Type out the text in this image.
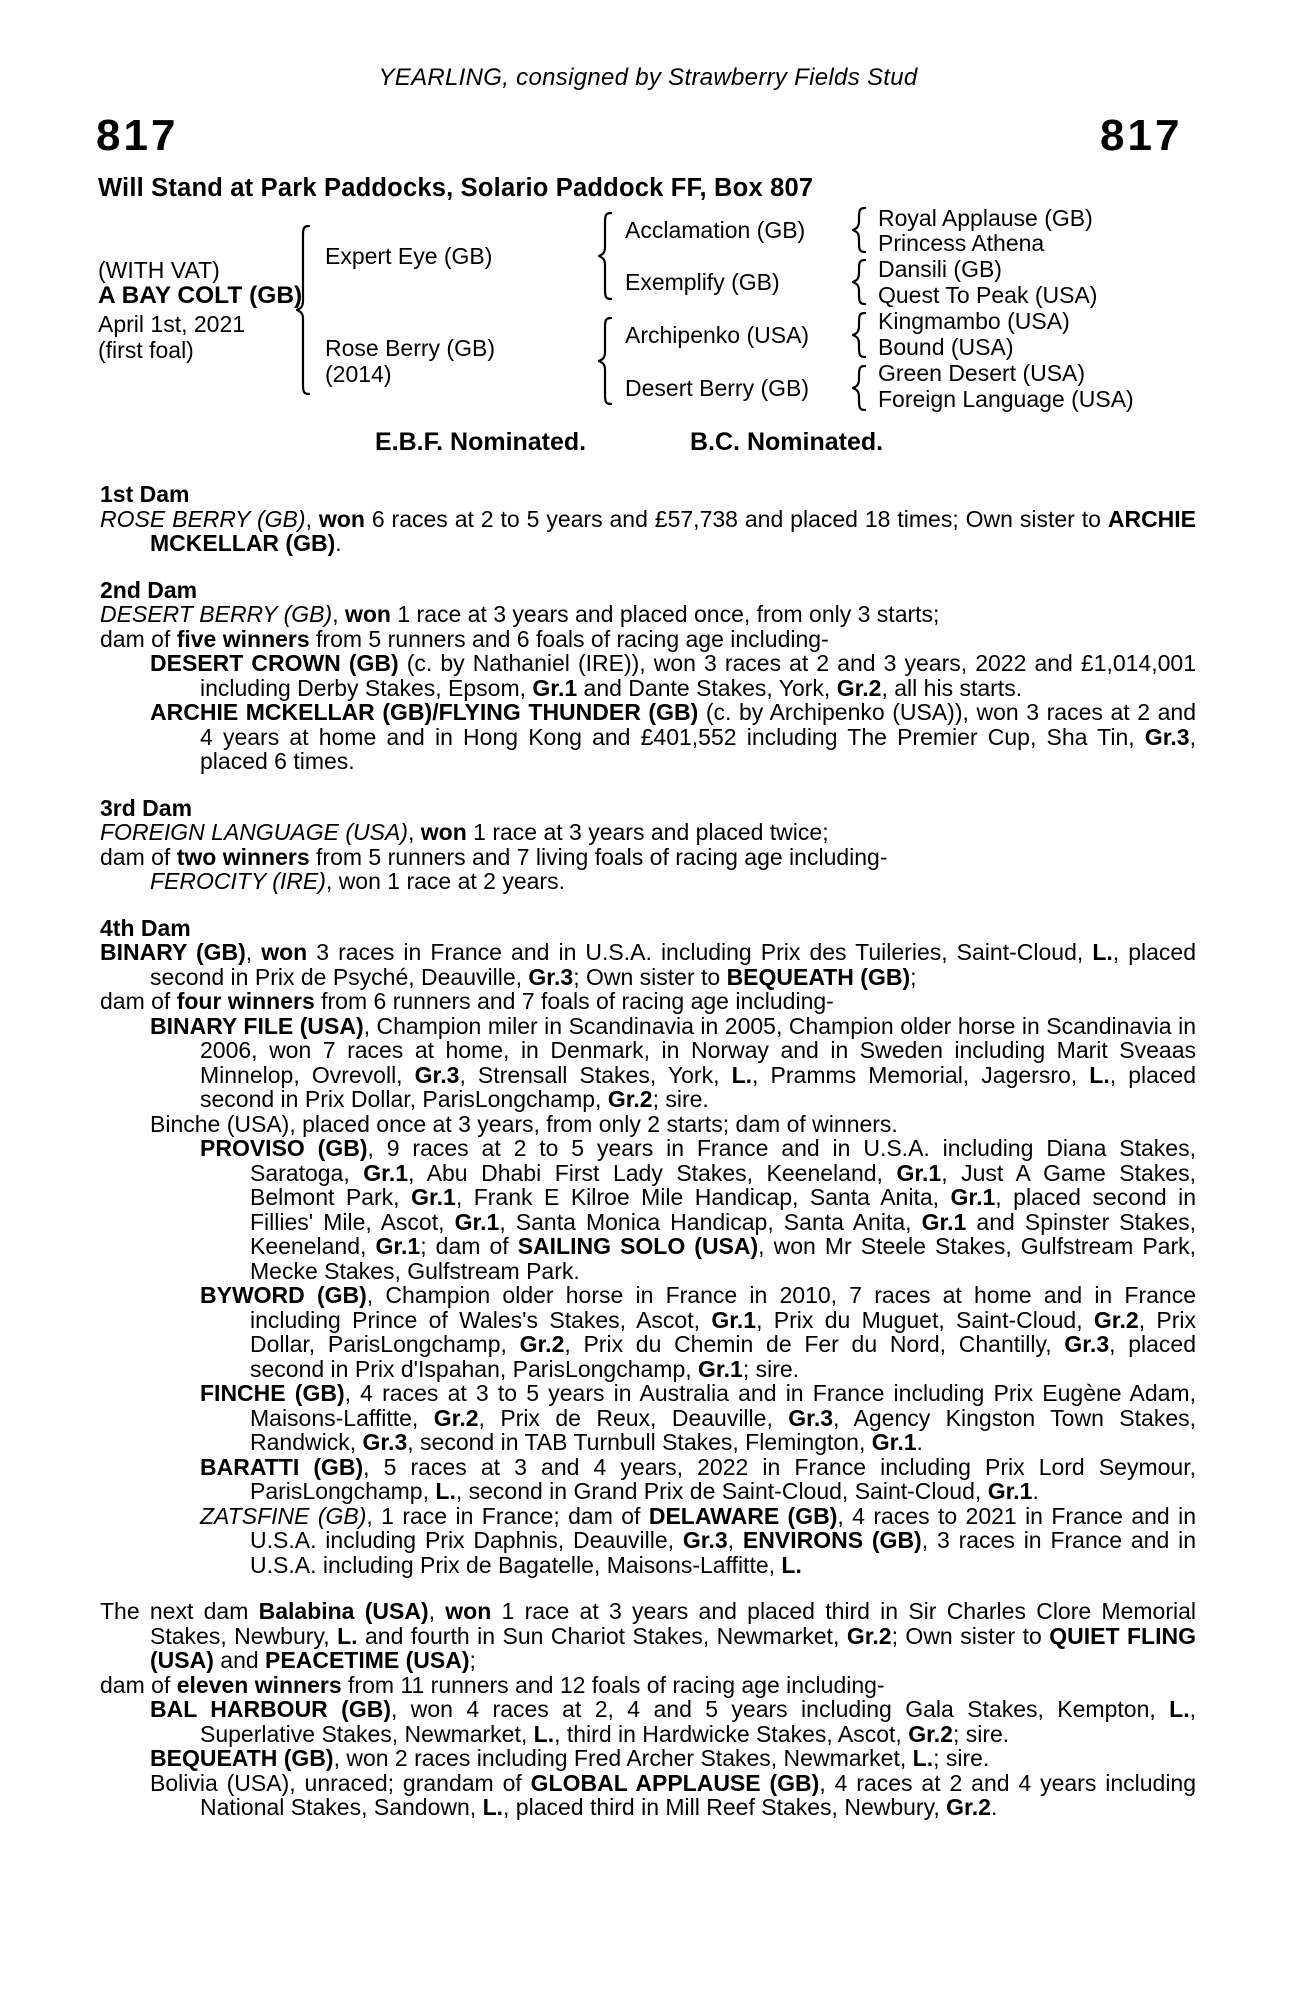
YEARLING, consigned by Strawberry Fields Stud
817	817
Will Stand at Park Paddocks, Solario Paddock FF, Box 807
(WITH VAT)
A BAY COLT (GB)
April 1st, 2021
(first foal)
Expert Eye (GB)
Rose Berry (GB)
(2014)
Acclamation (GB)
Exemplify (GB)
Archipenko (USA)
Desert Berry (GB)
Royal Applause (GB)
Princess Athena
Dansili (GB)
Quest To Peak (USA)
Kingmambo (USA)
Bound (USA)
Green Desert (USA)
Foreign Language (USA)
E.B.F. Nominated.	B.C. Nominated.
1st Dam
ROSE BERRY (GB), won 6 races at 2 to 5 years and £57,738 and placed 18 times; Own sister to ARCHIE MCKELLAR (GB).
2nd Dam
DESERT BERRY (GB), won 1 race at 3 years and placed once, from only 3 starts;
dam of five winners from 5 runners and 6 foals of racing age including-
DESERT CROWN (GB) (c. by Nathaniel (IRE)), won 3 races at 2 and 3 years, 2022 and £1,014,001 including Derby Stakes, Epsom, Gr.1 and Dante Stakes, York, Gr.2, all his starts.
ARCHIE MCKELLAR (GB)/FLYING THUNDER (GB) (c. by Archipenko (USA)), won 3 races at 2 and 4 years at home and in Hong Kong and £401,552 including The Premier Cup, Sha Tin, Gr.3, placed 6 times.
3rd Dam
FOREIGN LANGUAGE (USA), won 1 race at 3 years and placed twice;
dam of two winners from 5 runners and 7 living foals of racing age including-
FEROCITY (IRE), won 1 race at 2 years.
4th Dam
BINARY (GB), won 3 races in France and in U.S.A. including Prix des Tuileries, Saint-Cloud, L., placed second in Prix de Psyché, Deauville, Gr.3; Own sister to BEQUEATH (GB);
dam of four winners from 6 runners and 7 foals of racing age including-
BINARY FILE (USA), Champion miler in Scandinavia in 2005, Champion older horse in Scandinavia in 2006, won 7 races at home, in Denmark, in Norway and in Sweden including Marit Sveaas Minnelop, Ovrevoll, Gr.3, Strensall Stakes, York, L., Pramms Memorial, Jagersro, L., placed second in Prix Dollar, ParisLongchamp, Gr.2; sire.
Binche (USA), placed once at 3 years, from only 2 starts; dam of winners.
PROVISO (GB), 9 races at 2 to 5 years in France and in U.S.A. including Diana Stakes, Saratoga, Gr.1, Abu Dhabi First Lady Stakes, Keeneland, Gr.1, Just A Game Stakes, Belmont Park, Gr.1, Frank E Kilroe Mile Handicap, Santa Anita, Gr.1, placed second in Fillies' Mile, Ascot, Gr.1, Santa Monica Handicap, Santa Anita, Gr.1 and Spinster Stakes, Keeneland, Gr.1; dam of SAILING SOLO (USA), won Mr Steele Stakes, Gulfstream Park, Mecke Stakes, Gulfstream Park.
BYWORD (GB), Champion older horse in France in 2010, 7 races at home and in France including Prince of Wales's Stakes, Ascot, Gr.1, Prix du Muguet, Saint-Cloud, Gr.2, Prix Dollar, ParisLongchamp, Gr.2, Prix du Chemin de Fer du Nord, Chantilly, Gr.3, placed second in Prix d'Ispahan, ParisLongchamp, Gr.1; sire.
FINCHE (GB), 4 races at 3 to 5 years in Australia and in France including Prix Eugène Adam, Maisons-Laffitte, Gr.2, Prix de Reux, Deauville, Gr.3, Agency Kingston Town Stakes, Randwick, Gr.3, second in TAB Turnbull Stakes, Flemington, Gr.1.
BARATTI (GB), 5 races at 3 and 4 years, 2022 in France including Prix Lord Seymour, ParisLongchamp, L., second in Grand Prix de Saint-Cloud, Saint-Cloud, Gr.1.
ZATSFINE (GB), 1 race in France; dam of DELAWARE (GB), 4 races to 2021 in France and in U.S.A. including Prix Daphnis, Deauville, Gr.3, ENVIRONS (GB), 3 races in France and in U.S.A. including Prix de Bagatelle, Maisons-Laffitte, L.
The next dam Balabina (USA), won 1 race at 3 years and placed third in Sir Charles Clore Memorial Stakes, Newbury, L. and fourth in Sun Chariot Stakes, Newmarket, Gr.2; Own sister to QUIET FLING (USA) and PEACETIME (USA);
dam of eleven winners from 11 runners and 12 foals of racing age including-
BAL HARBOUR (GB), won 4 races at 2, 4 and 5 years including Gala Stakes, Kempton, L., Superlative Stakes, Newmarket, L., third in Hardwicke Stakes, Ascot, Gr.2; sire.
BEQUEATH (GB), won 2 races including Fred Archer Stakes, Newmarket, L.; sire.
Bolivia (USA), unraced; grandam of GLOBAL APPLAUSE (GB), 4 races at 2 and 4 years including National Stakes, Sandown, L., placed third in Mill Reef Stakes, Newbury, Gr.2.
